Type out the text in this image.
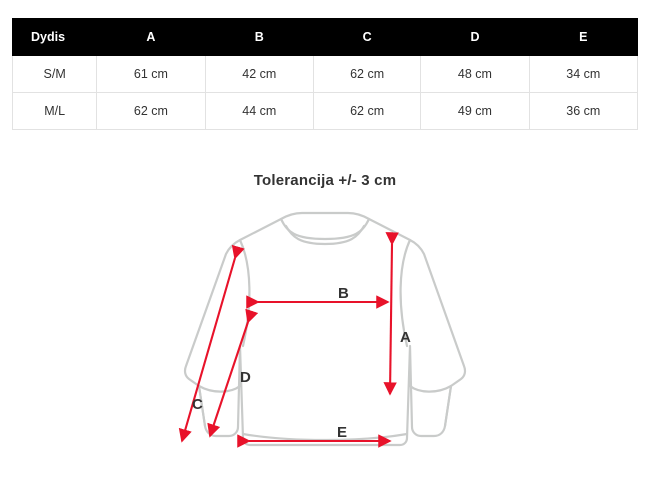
Dydis	A	B	C	D	E
S/M	61 cm	42 cm	62 cm	48 cm	34 cm
M/L	62 cm	44 cm	62 cm	49 cm	36 cm
Tolerancija +/- 3 cm
A
B
C
D
E
